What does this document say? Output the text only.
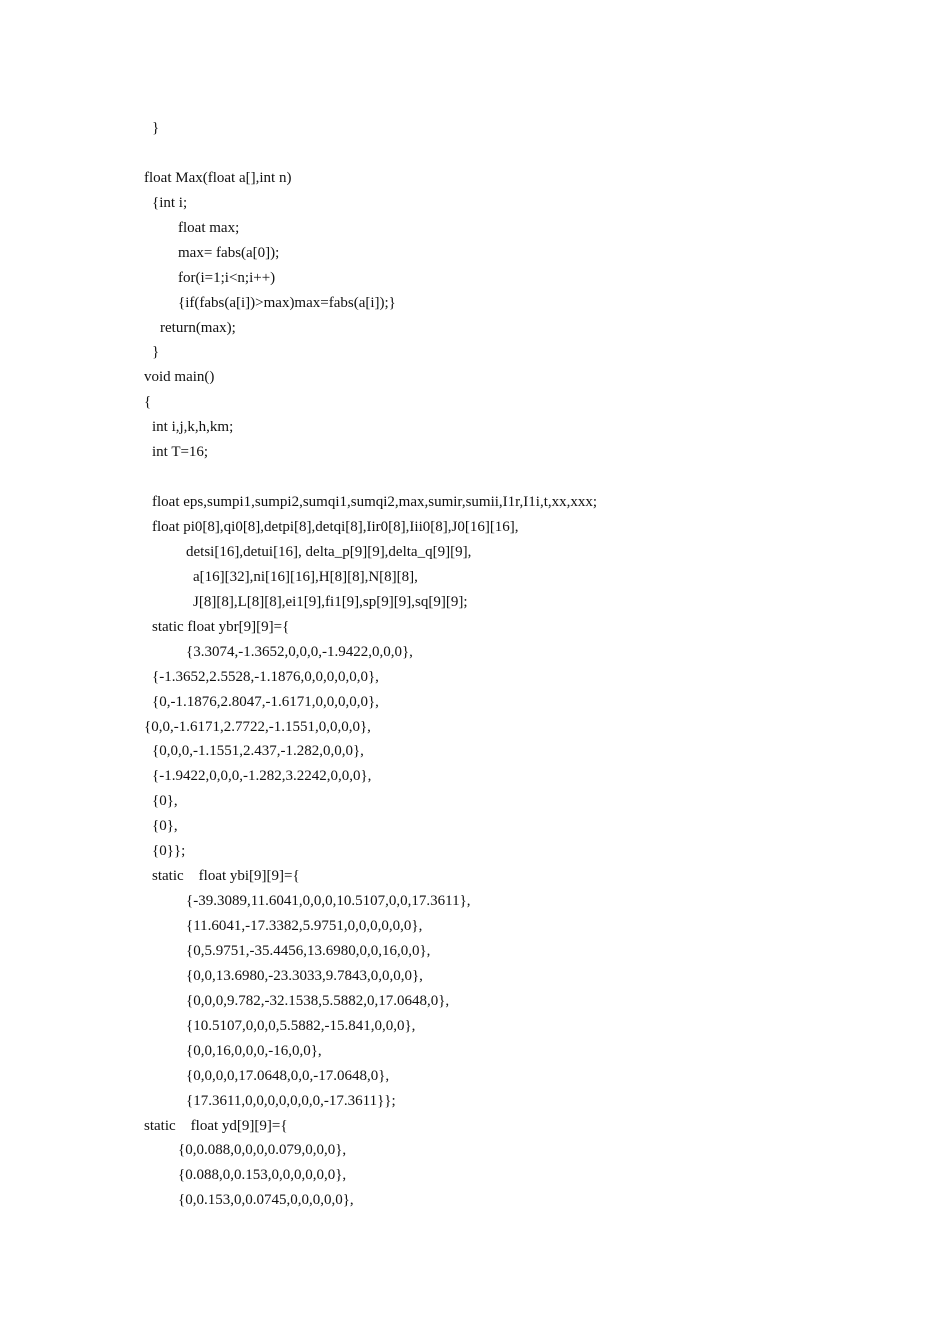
}
float Max(float a[],int n)
{int i;
float max;
max= fabs(a[0]);
for(i=1;i<n;i++)
{if(fabs(a[i])>max)max=fabs(a[i]);}
return(max);
}
void main()
{
int i,j,k,h,km;
int T=16;
float eps,sumpi1,sumpi2,sumqi1,sumqi2,max,sumir,sumii,I1r,I1i,t,xx,xxx;
float pi0[8],qi0[8],detpi[8],detqi[8],Iir0[8],Iii0[8],J0[16][16],
detsi[16],detui[16], delta_p[9][9],delta_q[9][9],
a[16][32],ni[16][16],H[8][8],N[8][8],
J[8][8],L[8][8],ei1[9],fi1[9],sp[9][9],sq[9][9];
static float ybr[9][9]={
{3.3074,-1.3652,0,0,0,-1.9422,0,0,0},
{-1.3652,2.5528,-1.1876,0,0,0,0,0,0},
{0,-1.1876,2.8047,-1.6171,0,0,0,0,0},
{0,0,-1.6171,2.7722,-1.1551,0,0,0,0},
{0,0,0,-1.1551,2.437,-1.282,0,0,0},
{-1.9422,0,0,0,-1.282,3.2242,0,0,0},
{0},
{0},
{0}};
static    float ybi[9][9]={
{-39.3089,11.6041,0,0,0,10.5107,0,0,17.3611},
{11.6041,-17.3382,5.9751,0,0,0,0,0,0},
{0,5.9751,-35.4456,13.6980,0,0,16,0,0},
{0,0,13.6980,-23.3033,9.7843,0,0,0,0},
{0,0,0,9.782,-32.1538,5.5882,0,17.0648,0},
{10.5107,0,0,0,5.5882,-15.841,0,0,0},
{0,0,16,0,0,0,-16,0,0},
{0,0,0,0,17.0648,0,0,-17.0648,0},
{17.3611,0,0,0,0,0,0,0,-17.3611}};
static    float yd[9][9]={
{0,0.088,0,0,0,0.079,0,0,0},
{0.088,0,0.153,0,0,0,0,0,0},
{0,0.153,0,0.0745,0,0,0,0,0},
